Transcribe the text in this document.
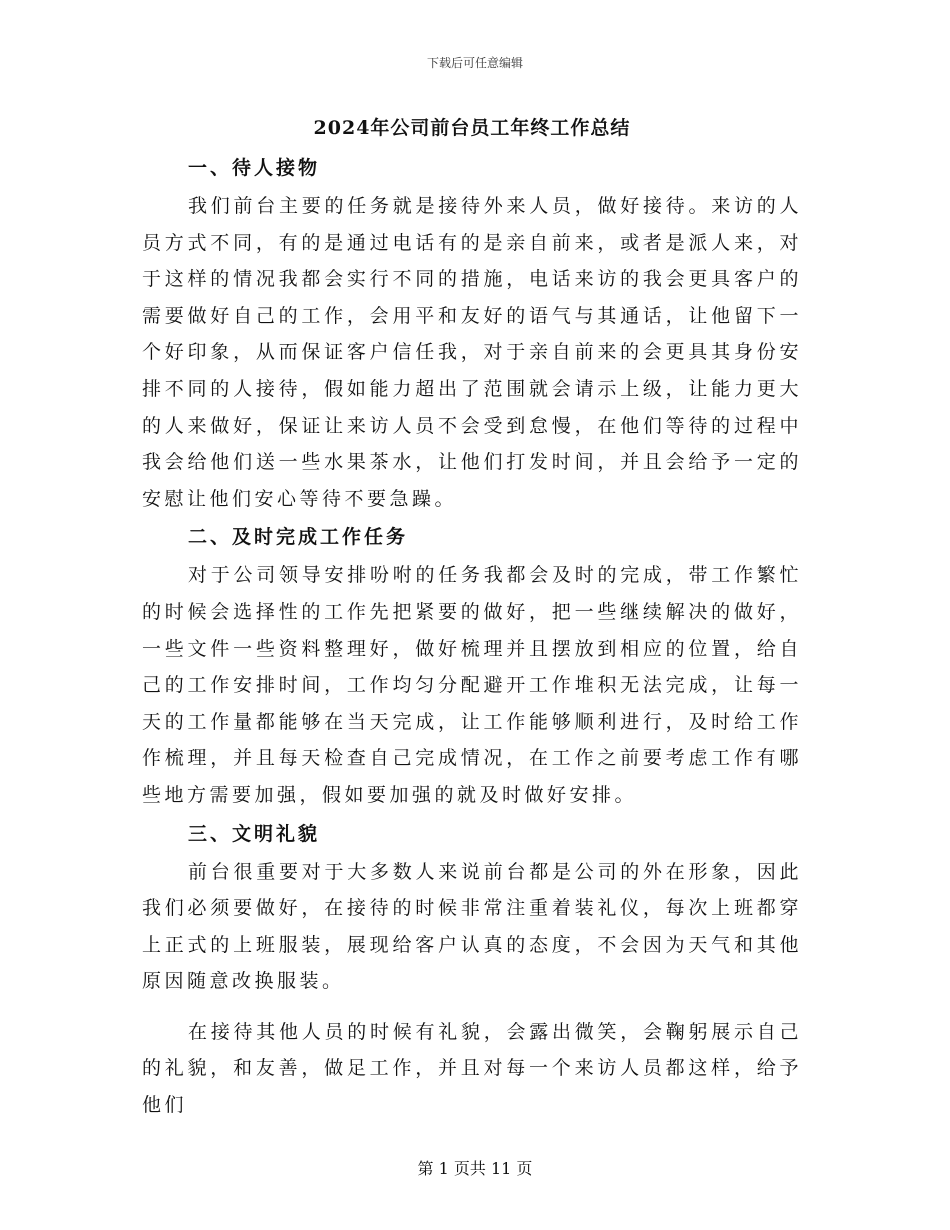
下载后可任意编辑
2024年公司前台员工年终工作总结
一、待人接物

我们前台主要的任务就是接待外来人员，做好接待。来访的人员方式不同，有的是通过电话有的是亲自前来，或者是派人来，对于这样的情况我都会实行不同的措施，电话来访的我会更具客户的需要做好自己的工作，会用平和友好的语气与其通话，让他留下一个好印象，从而保证客户信任我，对于亲自前来的会更具其身份安排不同的人接待，假如能力超出了范围就会请示上级，让能力更大的人来做好，保证让来访人员不会受到怠慢，在他们等待的过程中我会给他们送一些水果茶水，让他们打发时间，并且会给予一定的安慰让他们安心等待不要急躁。

二、及时完成工作任务

对于公司领导安排吩咐的任务我都会及时的完成，带工作繁忙的时候会选择性的工作先把紧要的做好，把一些继续解决的做好，一些文件一些资料整理好，做好梳理并且摆放到相应的位置，给自己的工作安排时间，工作均匀分配避开工作堆积无法完成，让每一天的工作量都能够在当天完成，让工作能够顺利进行，及时给工作作梳理，并且每天检查自己完成情况，在工作之前要考虑工作有哪些地方需要加强，假如要加强的就及时做好安排。

三、文明礼貌

前台很重要对于大多数人来说前台都是公司的外在形象，因此我们必须要做好，在接待的时候非常注重着装礼仪，每次上班都穿上正式的上班服装，展现给客户认真的态度，不会因为天气和其他原因随意改换服装。

在接待其他人员的时候有礼貌，会露出微笑，会鞠躬展示自己的礼貌，和友善，做足工作，并且对每一个来访人员都这样，给予他们

第 1 页共 11 页
